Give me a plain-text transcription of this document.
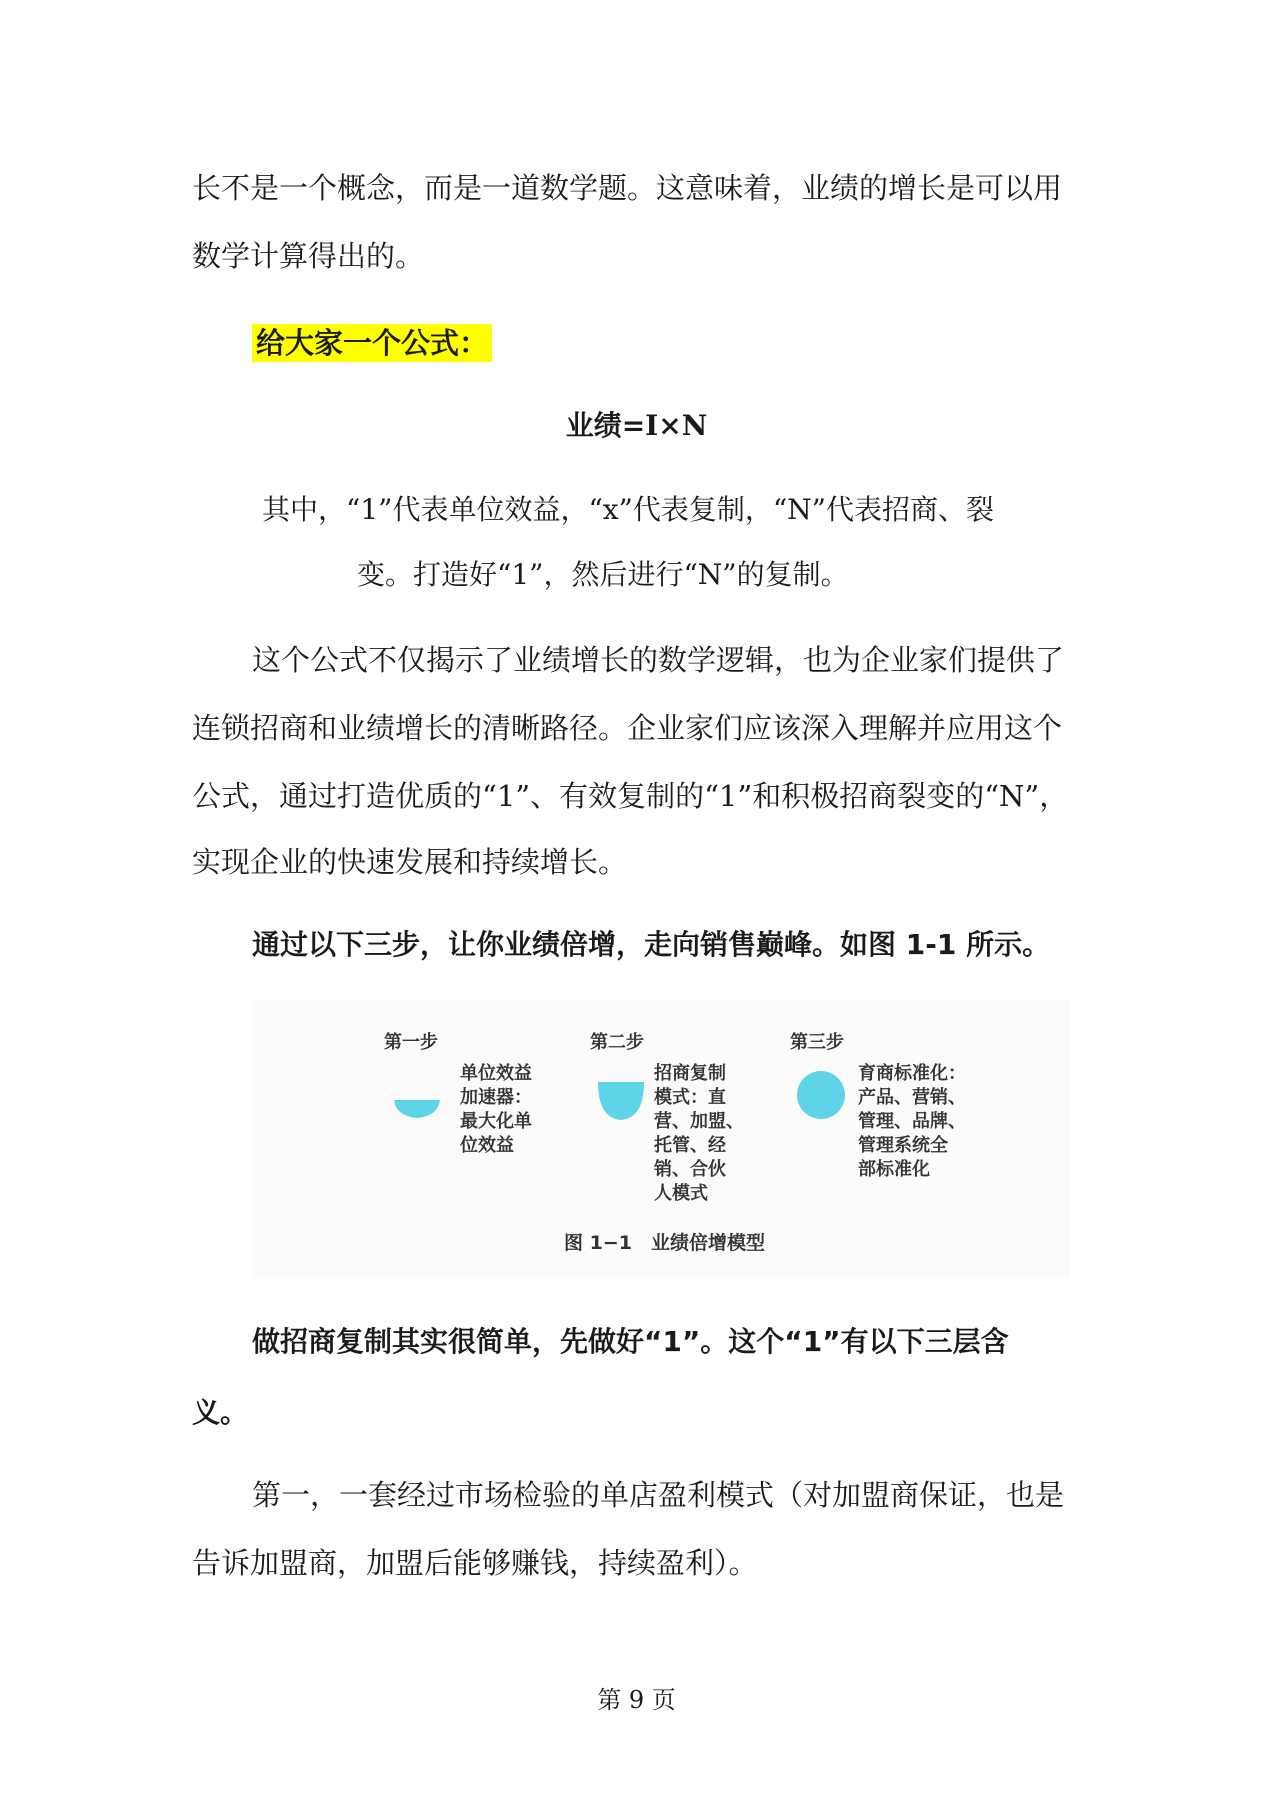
长不是一个概念，而是一道数学题。这意味着，业绩的增长是可以用
数学计算得出的。
给大家一个公式：
业绩=I×N
其中，“1”代表单位效益，“x”代表复制，“N”代表招商、裂
变。打造好“1”，然后进行“N”的复制。
这个公式不仅揭示了业绩增长的数学逻辑，也为企业家们提供了
连锁招商和业绩增长的清晰路径。企业家们应该深入理解并应用这个
公式，通过打造优质的“1”、有效复制的“1”和积极招商裂变的“N”，
实现企业的快速发展和持续增长。
通过以下三步，让你业绩倍增，走向销售巅峰。如图 1-1 所示。
第一步
单位效益
加速器：
最大化单
位效益
第二步
招商复制
模式：直
营、加盟、
托管、经
销、合伙
人模式
第三步
育商标准化：
产品、营销、
管理、品牌、
管理系统全
部标准化
图 1−1　业绩倍增模型
做招商复制其实很简单，先做好“1”。这个“1”有以下三层含
义。
第一，一套经过市场检验的单店盈利模式（对加盟商保证，也是
告诉加盟商，加盟后能够赚钱，持续盈利）。
第 9 页
